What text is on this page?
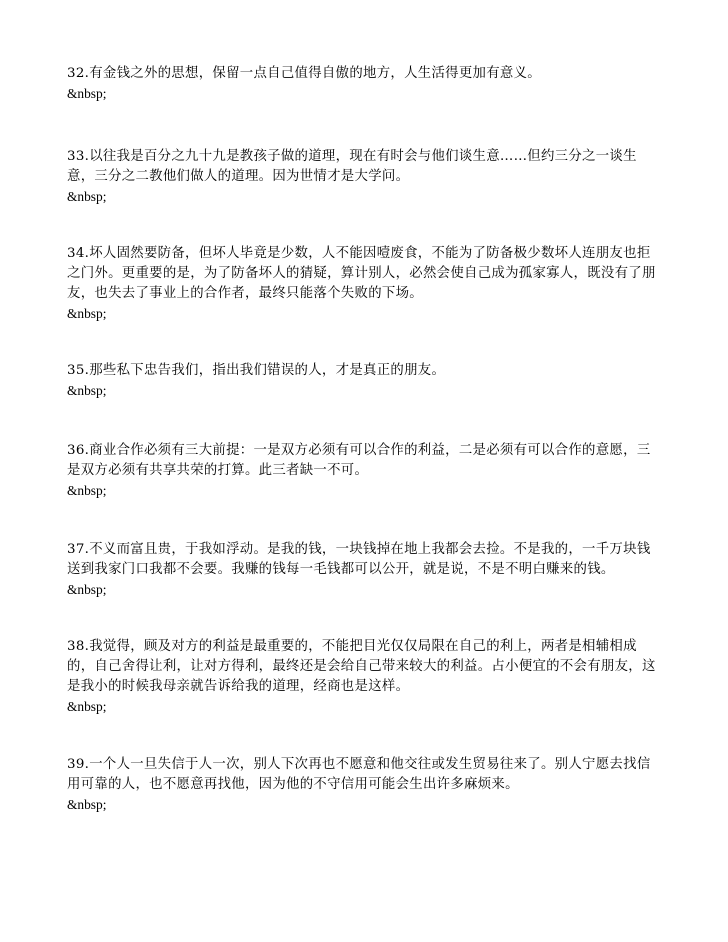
32.有金钱之外的思想，保留一点自己值得自傲的地方，人生活得更加有意义。
&nbsp;
33.以往我是百分之九十九是教孩子做的道理，现在有时会与他们谈生意……但约三分之一谈生意，三分之二教他们做人的道理。因为世情才是大学问。
&nbsp;
34.坏人固然要防备，但坏人毕竟是少数，人不能因噎废食，不能为了防备极少数坏人连朋友也拒之门外。更重要的是，为了防备坏人的猜疑，算计别人，必然会使自己成为孤家寡人，既没有了朋友，也失去了事业上的合作者，最终只能落个失败的下场。
&nbsp;
35.那些私下忠告我们，指出我们错误的人，才是真正的朋友。
&nbsp;
36.商业合作必须有三大前提：一是双方必须有可以合作的利益，二是必须有可以合作的意愿，三是双方必须有共享共荣的打算。此三者缺一不可。
&nbsp;
37.不义而富且贵，于我如浮动。是我的钱，一块钱掉在地上我都会去捡。不是我的，一千万块钱送到我家门口我都不会要。我赚的钱每一毛钱都可以公开，就是说，不是不明白赚来的钱。
&nbsp;
38.我觉得，顾及对方的利益是最重要的，不能把目光仅仅局限在自己的利上，两者是相辅相成的，自己舍得让利，让对方得利，最终还是会给自己带来较大的利益。占小便宜的不会有朋友，这是我小的时候我母亲就告诉给我的道理，经商也是这样。
&nbsp;
39.一个人一旦失信于人一次，别人下次再也不愿意和他交往或发生贸易往来了。别人宁愿去找信用可靠的人，也不愿意再找他，因为他的不守信用可能会生出许多麻烦来。
&nbsp;
